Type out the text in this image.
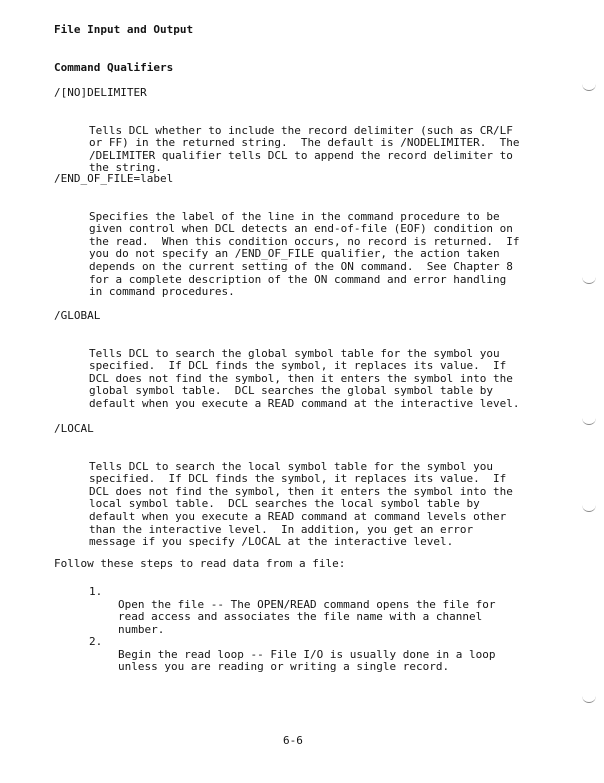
File Input and Output
Command Qualifiers
/[NO]DELIMITER

Tells DCL whether to include the record delimiter (such as CR/LF
or FF) in the returned string.  The default is /NODELIMITER.  The
/DELIMITER qualifier tells DCL to append the record delimiter to
the string.
/END_OF_FILE=label

Specifies the label of the line in the command procedure to be
given control when DCL detects an end-of-file (EOF) condition on
the read.  When this condition occurs, no record is returned.  If
you do not specify an /END_OF_FILE qualifier, the action taken
depends on the current setting of the ON command.  See Chapter 8
for a complete description of the ON command and error handling
in command procedures.
/GLOBAL

Tells DCL to search the global symbol table for the symbol you
specified.  If DCL finds the symbol, it replaces its value.  If
DCL does not find the symbol, then it enters the symbol into the
global symbol table.  DCL searches the global symbol table by
default when you execute a READ command at the interactive level.
/LOCAL

Tells DCL to search the local symbol table for the symbol you
specified.  If DCL finds the symbol, it replaces its value.  If
DCL does not find the symbol, then it enters the symbol into the
local symbol table.  DCL searches the local symbol table by
default when you execute a READ command at command levels other
than the interactive level.  In addition, you get an error
message if you specify /LOCAL at the interactive level.
Follow these steps to read data from a file:
1.

Open the file -- The OPEN/READ command opens the file for
read access and associates the file name with a channel
number.
2.

Begin the read loop -- File I/O is usually done in a loop
unless you are reading or writing a single record.
6-6
